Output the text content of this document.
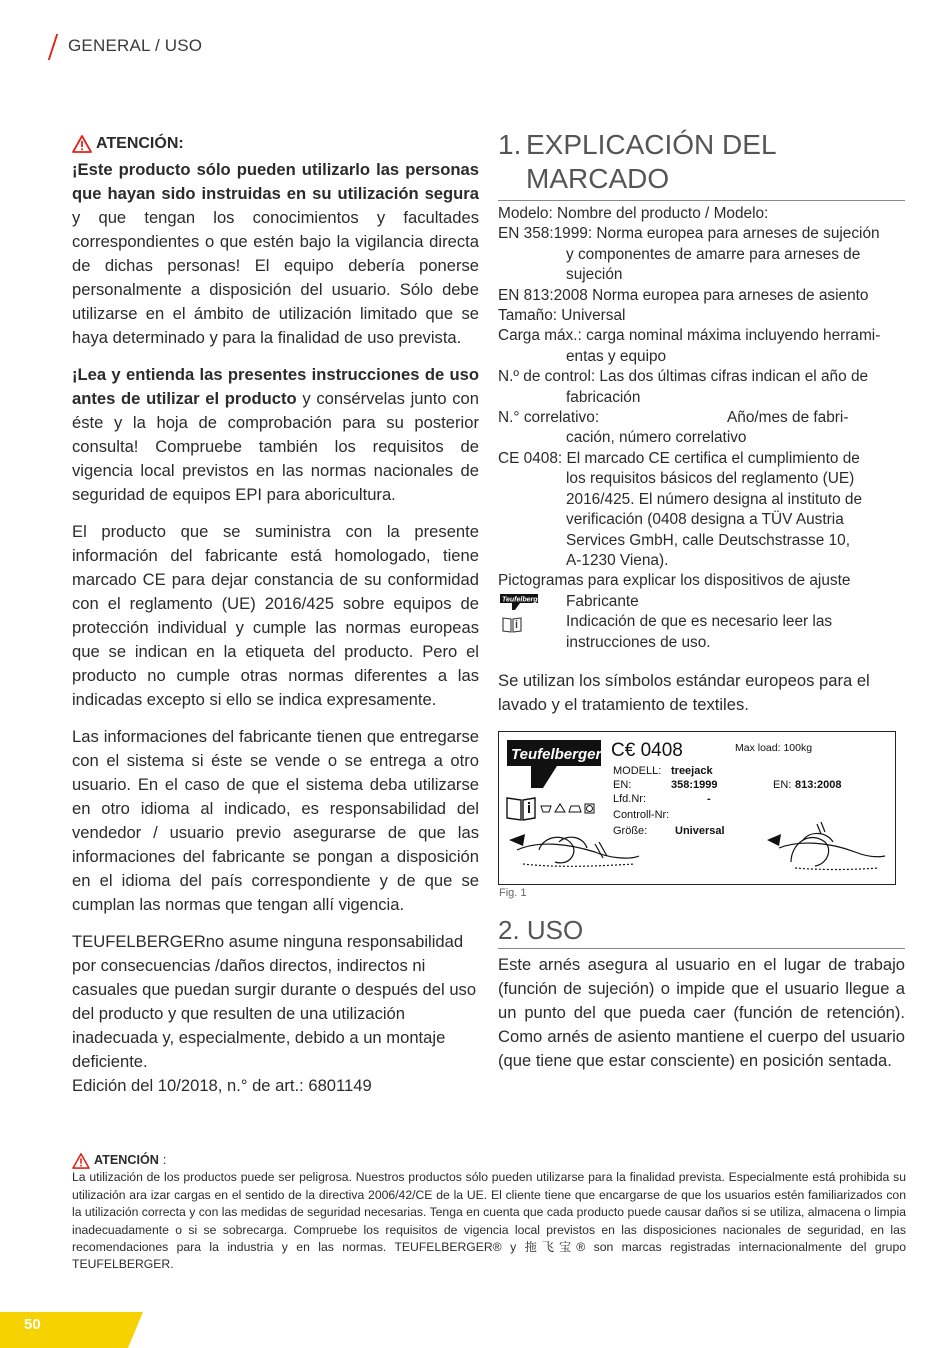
GENERAL / USO
ATENCIÓN:

¡Este producto sólo pueden utilizarlo las personas que hayan sido instruidas en su utilización segura y que tengan los conocimientos y facultades correspondientes o que estén bajo la vigilancia directa de dichas personas! El equipo debería ponerse personalmente a disposición del usuario. Sólo debe utilizarse en el ámbito de utilización limitado que se haya determinado y para la finalidad de uso prevista.

¡Lea y entienda las presentes instrucciones de uso antes de utilizar el producto y consérvelas junto con éste y la hoja de comprobación para su posterior consulta! Compruebe también los requisitos de vigencia local previstos en las normas nacionales de seguridad de equipos EPI para aboricultura.

El producto que se suministra con la presente información del fabricante está homologado, tiene marcado CE para dejar constancia de su conformidad con el reglamento (UE) 2016/425 sobre equipos de protección individual y cumple las normas europeas que se indican en la etiqueta del producto. Pero el producto no cumple otras normas diferentes a las indicadas excepto si ello se indica expresamente.

Las informaciones del fabricante tienen que entregarse con el sistema si éste se vende o se entrega a otro usuario. En el caso de que el sistema deba utilizarse en otro idioma al indicado, es responsabilidad del vendedor / usuario previo asegurarse de que las informaciones del fabricante se pongan a disposición en el idioma del país correspondiente y de que se cumplan las normas que tengan allí vigencia.

TEUFELBERGERno asume ninguna responsabilidad por consecuencias /daños directos, indirectos ni casuales que puedan surgir durante o después del uso del producto y que resulten de una utilización inadecuada y, especialmente, debido a un montaje deficiente.

Edición del 10/2018, n.° de art.: 6801149

1. EXPLICACIÓN DEL
MARCADO
Modelo: Nombre del producto / Modelo:
EN 358:1999: Norma europea para arneses de sujeción
y componentes de amarre para arneses de
sujeción
EN 813:2008 Norma europea para arneses de asiento
Tamaño: Universal
Carga máx.: carga nominal máxima incluyendo herrami-
entas y equipo
N.º de control: Las dos últimas cifras indican el año de
fabricación
N.° correlativo:	Año/mes de fabri-
cación, número correlativo
CE 0408: El marcado CE certifica el cumplimiento de
los requisitos básicos del reglamento (UE)
2016/425. El número designa al instituto de
verificación (0408 designa a TÜV Austria
Services GmbH, calle Deutschstrasse 10,
A-1230 Viena).
Pictogramas para explicar los dispositivos de ajuste
Teufelberger Fabricante
Indicación de que es necesario leer las
instrucciones de uso.

Se utilizan los símbolos estándar europeos para el lavado y el tratamiento de textiles.

Teufelberger C€ 0408	Max load: 100kg
MODELL: treejack
EN:	358:1999	EN: 813:2008
Lfd.Nr:	-
Controll-Nr:
Größe:	Universal
Fig. 1
2. USO

Este arnés asegura al usuario en el lugar de trabajo (función de sujeción) o impide que el usuario llegue a un punto del que pueda caer (función de retención). Como arnés de asiento mantiene el cuerpo del usuario (que tiene que estar consciente) en posición sentada.

ATENCIÓN :

La utilización de los productos puede ser peligrosa. Nuestros productos sólo pueden utilizarse para la finalidad prevista. Especialmente está prohibida su utilización ara izar cargas en el sentido de la directiva 2006/42/CE de la UE. El cliente tiene que encargarse de que los usuarios estén familiarizados con la utilización correcta y con las medidas de seguridad necesarias. Tenga en cuenta que cada producto puede causar daños si se utiliza, almacena o limpia inadecuadamente o si se sobrecarga. Compruebe los requisitos de vigencia local previstos en las disposiciones nacionales de seguridad, en las recomendaciones para la industria y en las normas. TEUFELBERGER® y 拖飞宝® son marcas registradas internacionalmente del grupo TEUFELBERGER.

50
